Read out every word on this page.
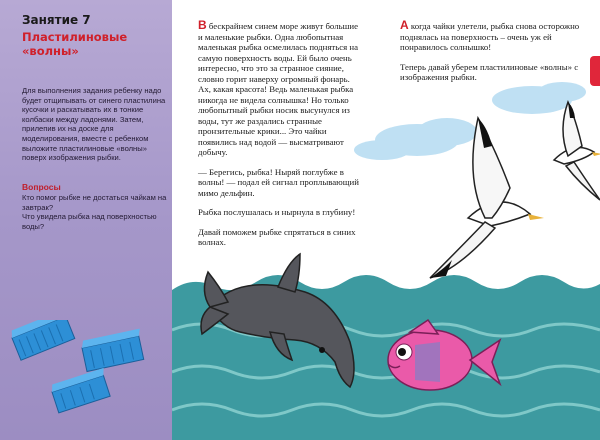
Занятие 7
Пластилиновые «волны»
Для выполнения задания ребенку надо будет отщипывать от синего пластилина кусочки и раскатывать их в тонкие колбаски между ладонями. Затем, прилепив их на доске для моделирования, вместе с ребенком выложите пластилиновые «волны» поверх изображения рыбки.
Вопросы
Кто помог рыбке не достаться чайкам на завтрак?
Что увидела рыбка над поверхностью воды?

В бескрайнем синем море живут большие и маленькие рыбки. Одна любопытная маленькая рыбка осмелилась подняться на самую поверхность воды. Ей было очень интересно, что это за странное сияние, словно горит наверху огромный фонарь. Ах, какая красота! Ведь маленькая рыбка никогда не видела солнышка! Но только любопытный рыбки носик высунулся из воды, тут же раздались странные пронзительные крики... Это чайки появились над водой — высматривают добычу.

— Берегись, рыбка! Ныряй поглубже в волны! — подал ей сигнал проплывающий мимо дельфин.

Рыбка послушалась и нырнула в глубину!

Давай поможем рыбке спрятаться в синих волнах.

А когда чайки улетели, рыбка снова осторожно поднялась на поверхность – очень уж ей понравилось солнышко!

Теперь давай уберем пластилиновые «волны» с изображения рыбки.
